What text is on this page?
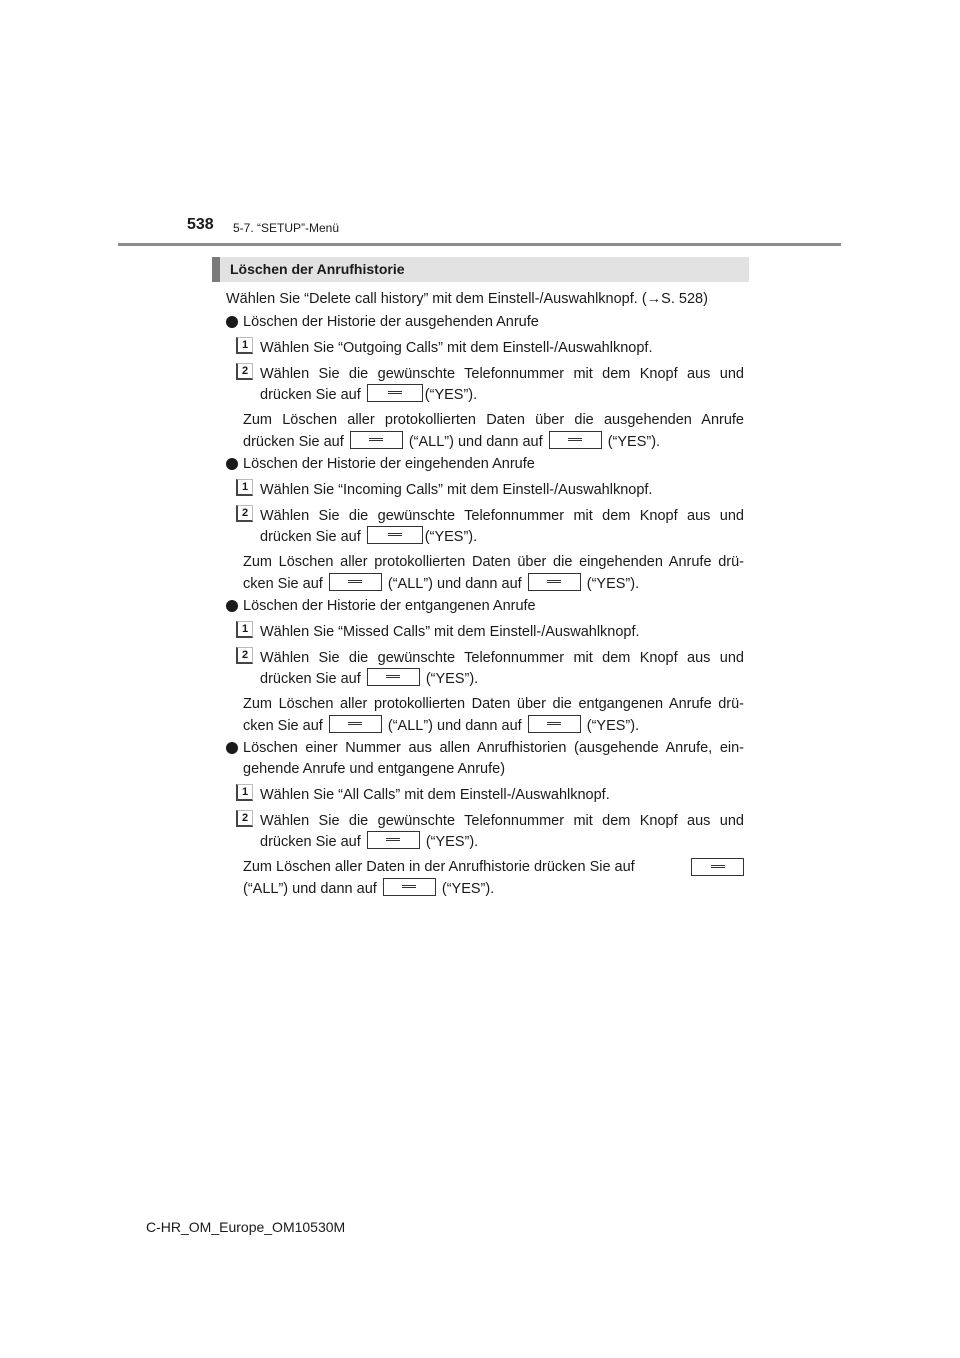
538 5-7. “SETUP”-Menü
Löschen der Anrufhistorie
Wählen Sie “Delete call history” mit dem Einstell-/Auswahlknopf. (→S. 528)
Löschen der Historie der ausgehenden Anrufe
1 Wählen Sie “Outgoing Calls” mit dem Einstell-/Auswahlknopf.
2 Wählen Sie die gewünschte Telefonnummer mit dem Knopf aus und
drücken Sie auf	(“YES”).
Zum Löschen aller protokollierten Daten über die ausgehenden Anrufe
drücken Sie auf	(“ALL”) und dann auf	(“YES”).
Löschen der Historie der eingehenden Anrufe
1 Wählen Sie “Incoming Calls” mit dem Einstell-/Auswahlknopf.
2 Wählen Sie die gewünschte Telefonnummer mit dem Knopf aus und
drücken Sie auf	(“YES”).
Zum Löschen aller protokollierten Daten über die eingehenden Anrufe drü-
cken Sie auf	(“ALL”) und dann auf	(“YES”).
Löschen der Historie der entgangenen Anrufe
1 Wählen Sie “Missed Calls” mit dem Einstell-/Auswahlknopf.
2 Wählen Sie die gewünschte Telefonnummer mit dem Knopf aus und
drücken Sie auf	(“YES”).
Zum Löschen aller protokollierten Daten über die entgangenen Anrufe drü-
cken Sie auf	(“ALL”) und dann auf	(“YES”).
Löschen einer Nummer aus allen Anrufhistorien (ausgehende Anrufe, ein-
gehende Anrufe und entgangene Anrufe)
1 Wählen Sie “All Calls” mit dem Einstell-/Auswahlknopf.
2 Wählen Sie die gewünschte Telefonnummer mit dem Knopf aus und
drücken Sie auf	(“YES”).
Zum Löschen aller Daten in der Anrufhistorie drücken Sie auf
(“ALL”) und dann auf	(“YES”).
C-HR_OM_Europe_OM10530M
